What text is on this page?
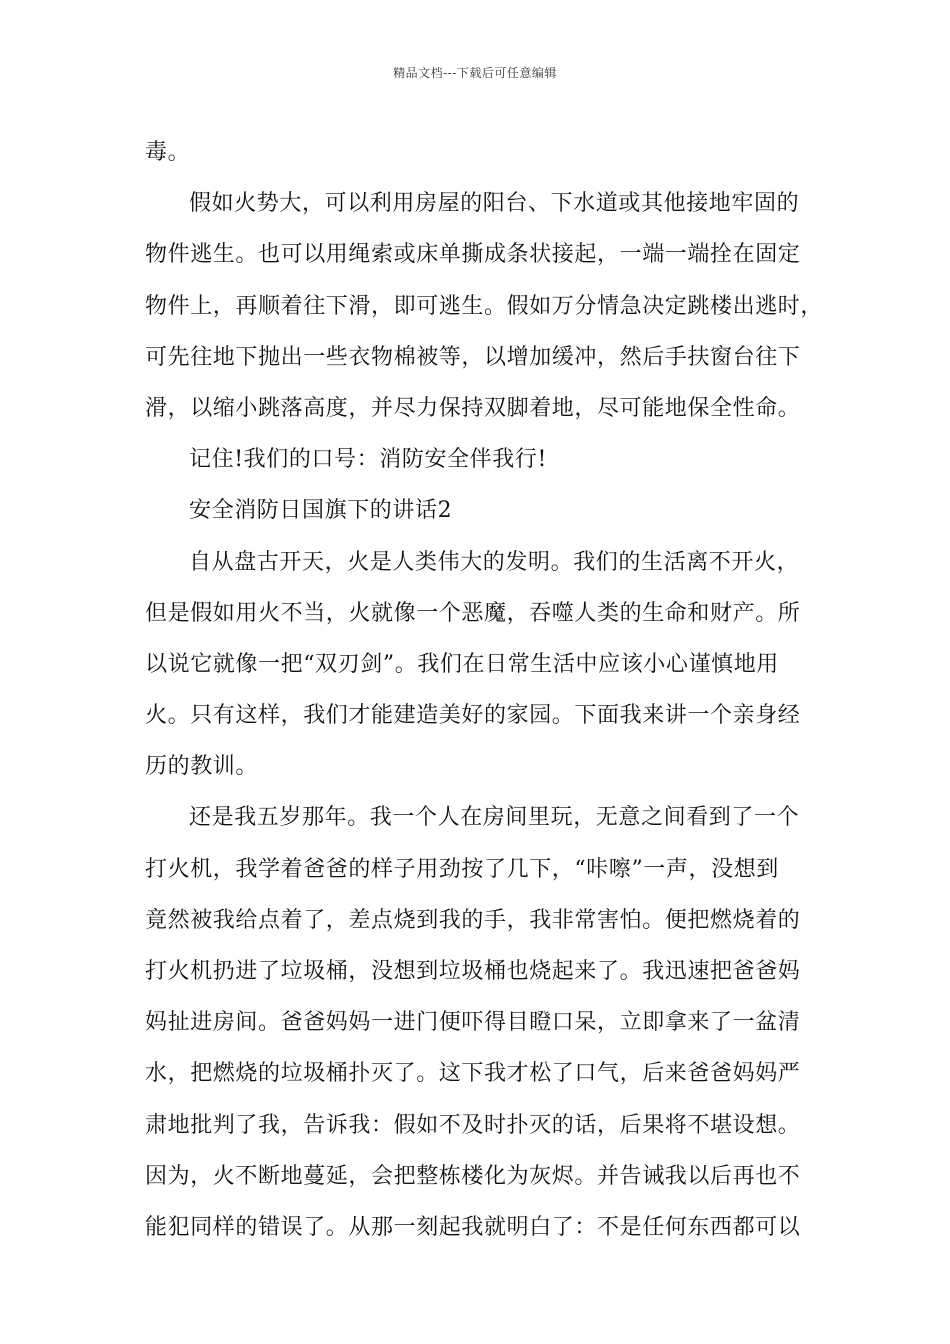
精品文档---下载后可任意编辑
毒。
假如火势大，可以利用房屋的阳台、下水道或其他接地牢固的
物件逃生。也可以用绳索或床单撕成条状接起，一端一端拴在固定
物件上，再顺着往下滑，即可逃生。假如万分情急决定跳楼出逃时，
可先往地下抛出一些衣物棉被等，以增加缓冲，然后手扶窗台往下
滑，以缩小跳落高度，并尽力保持双脚着地，尽可能地保全性命。
记住!我们的口号：消防安全伴我行!
安全消防日国旗下的讲话2
自从盘古开天，火是人类伟大的发明。我们的生活离不开火，
但是假如用火不当，火就像一个恶魔，吞噬人类的生命和财产。所
以说它就像一把“双刃剑”。我们在日常生活中应该小心谨慎地用
火。只有这样，我们才能建造美好的家园。下面我来讲一个亲身经
历的教训。
还是我五岁那年。我一个人在房间里玩，无意之间看到了一个
打火机，我学着爸爸的样子用劲按了几下，“咔嚓”一声，没想到
竟然被我给点着了，差点烧到我的手，我非常害怕。便把燃烧着的
打火机扔进了垃圾桶，没想到垃圾桶也烧起来了。我迅速把爸爸妈
妈扯进房间。爸爸妈妈一进门便吓得目瞪口呆，立即拿来了一盆清
水，把燃烧的垃圾桶扑灭了。这下我才松了口气，后来爸爸妈妈严
肃地批判了我，告诉我：假如不及时扑灭的话，后果将不堪设想。
因为，火不断地蔓延，会把整栋楼化为灰烬。并告诫我以后再也不
能犯同样的错误了。从那一刻起我就明白了：不是任何东西都可以
